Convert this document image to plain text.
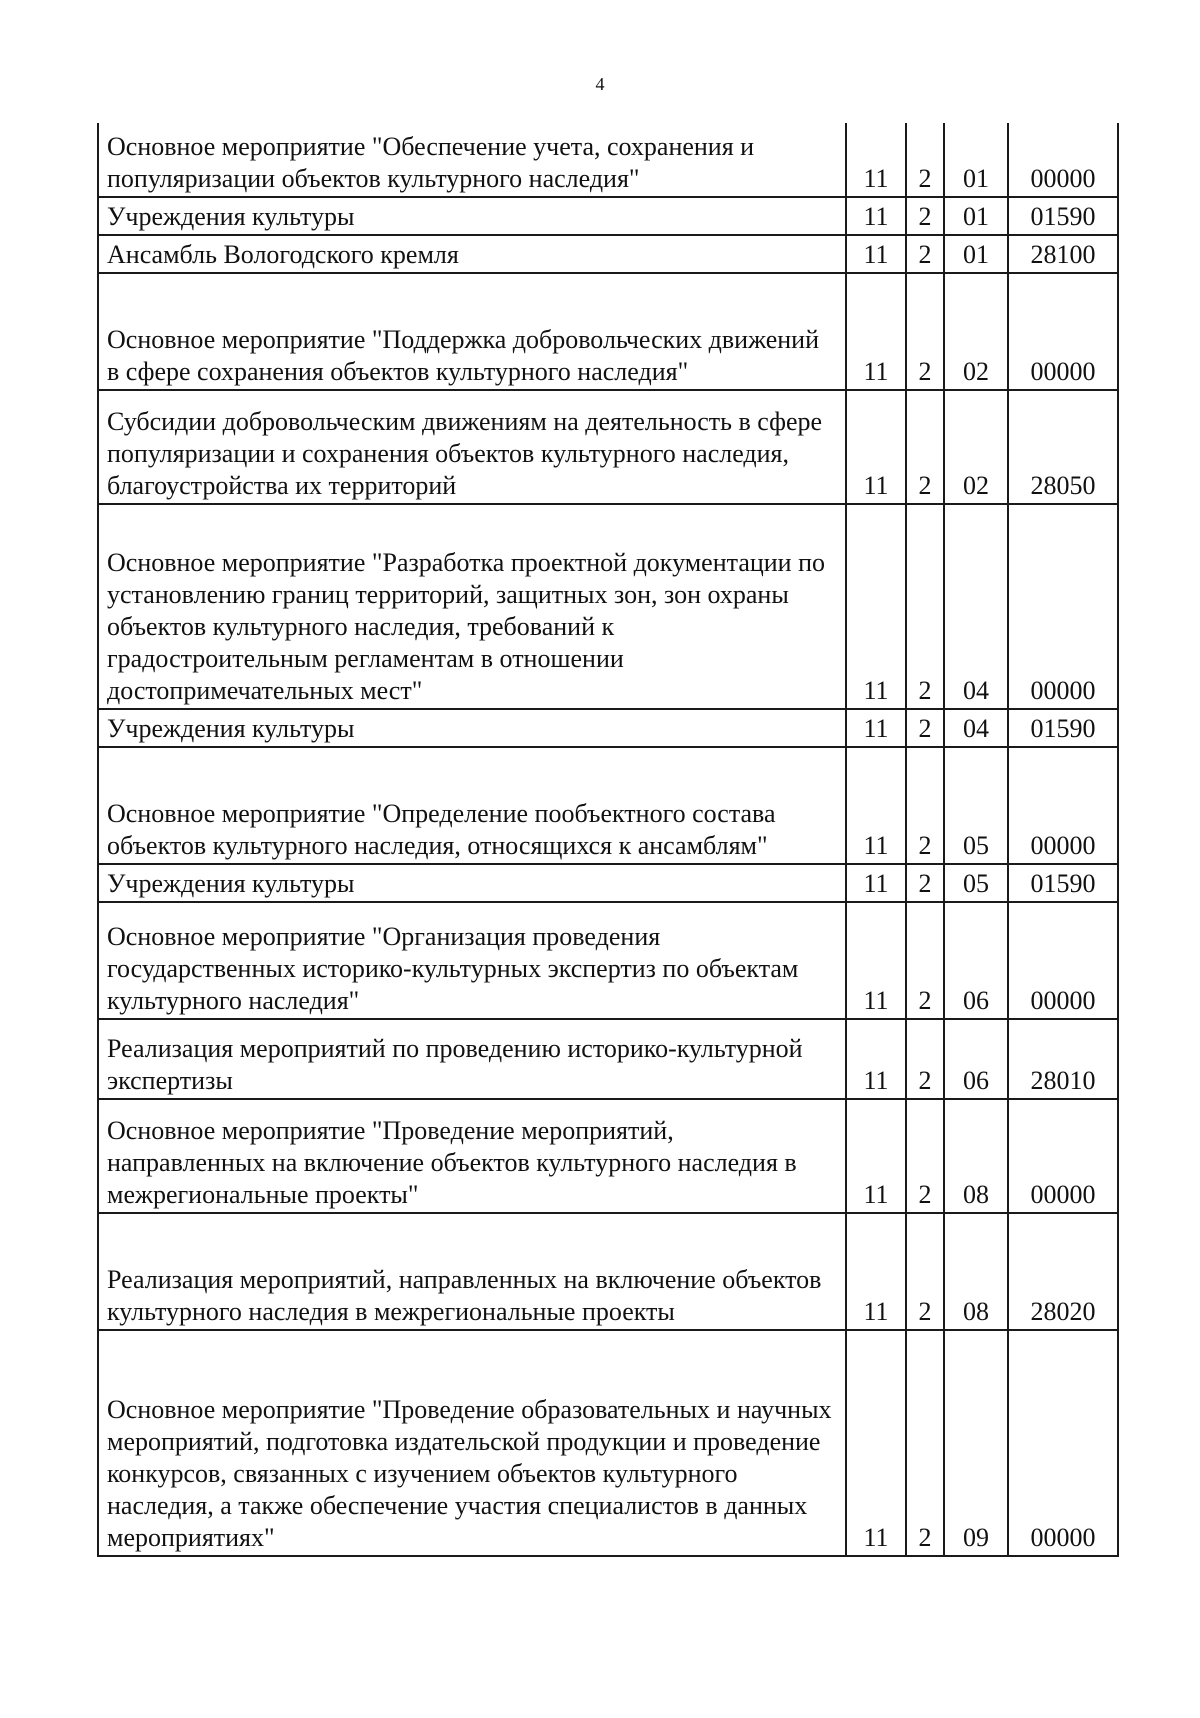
4
Основное мероприятие "Обеспечение учета, сохранения и популяризации объектов культурного наследия"	11	2	01	00000
Учреждения культуры	11	2	01	01590
Ансамбль Вологодского кремля	11	2	01	28100
Основное мероприятие "Поддержка добровольческих движений в сфере сохранения объектов культурного наследия"	11	2	02	00000
Субсидии добровольческим движениям на деятельность в сфере популяризации и сохранения объектов культурного наследия, благоустройства их территорий	11	2	02	28050
Основное мероприятие "Разработка проектной документации по установлению границ территорий, защитных зон, зон охраны объектов культурного наследия, требований к градостроительным регламентам в отношении достопримечательных мест"	11	2	04	00000
Учреждения культуры	11	2	04	01590
Основное мероприятие "Определение пообъектного состава объектов культурного наследия, относящихся к ансамблям"	11	2	05	00000
Учреждения культуры	11	2	05	01590
Основное мероприятие "Организация проведения государственных историко-культурных экспертиз по объектам культурного наследия"	11	2	06	00000
Реализация мероприятий по проведению историко-культурной экспертизы	11	2	06	28010
Основное мероприятие "Проведение мероприятий, направленных на включение объектов культурного наследия в межрегиональные проекты"	11	2	08	00000
Реализация мероприятий, направленных на включение объектов культурного наследия в межрегиональные проекты	11	2	08	28020
Основное мероприятие "Проведение образовательных и научных мероприятий, подготовка издательской продукции и проведение конкурсов, связанных с изучением объектов культурного наследия, а также обеспечение участия специалистов в данных мероприятиях"	11	2	09	00000
